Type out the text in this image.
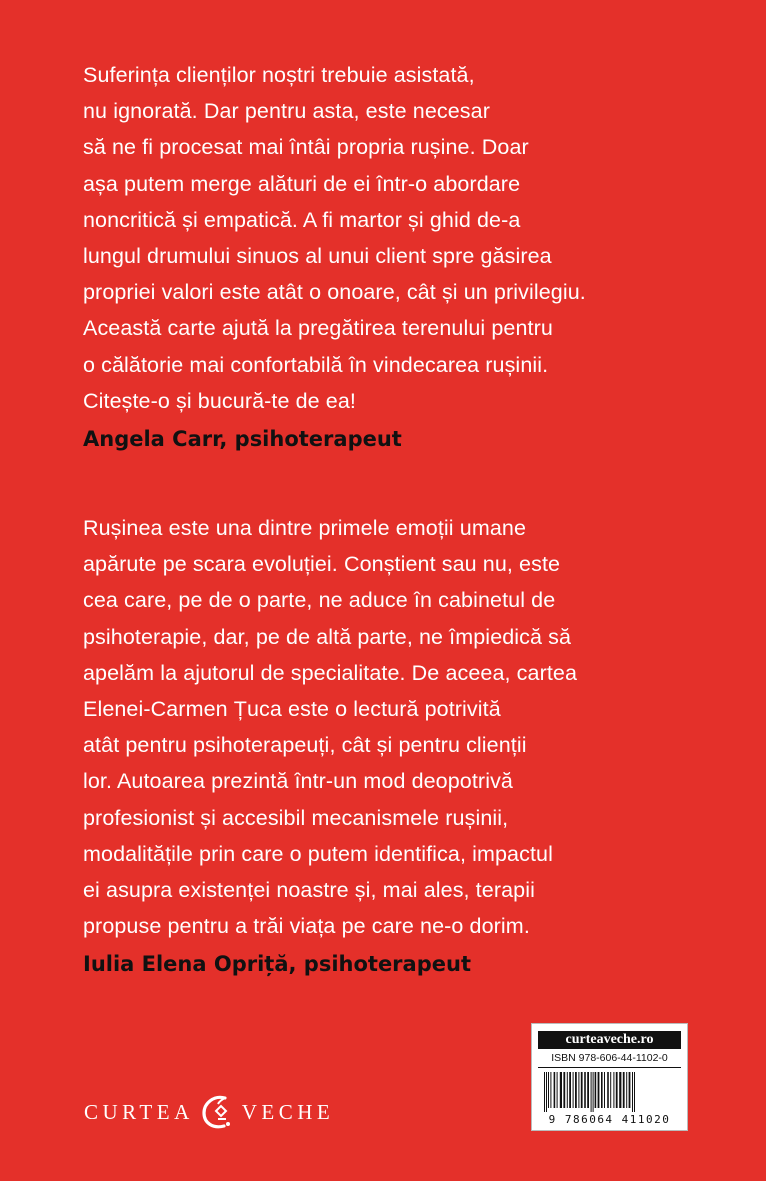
Suferința clienților noștri trebuie asistată,
nu ignorată. Dar pentru asta, este necesar
să ne fi procesat mai întâi propria rușine. Doar
așa putem merge alături de ei într-o abordare
noncritică și empatică. A fi martor și ghid de-a
lungul drumului sinuos al unui client spre găsirea
propriei valori este atât o onoare, cât și un privilegiu.
Această carte ajută la pregătirea terenului pentru
o călătorie mai confortabilă în vindecarea rușinii.
Citește-o și bucură-te de ea!
Angela Carr, psihoterapeut
Rușinea este una dintre primele emoții umane
apărute pe scara evoluției. Conștient sau nu, este
cea care, pe de o parte, ne aduce în cabinetul de
psihoterapie, dar, pe de altă parte, ne împiedică să
apelăm la ajutorul de specialitate. De aceea, cartea
Elenei-Carmen Țuca este o lectură potrivită
atât pentru psihoterapeuți, cât și pentru clienții
lor. Autoarea prezintă într-un mod deopotrivă
profesionist și accesibil mecanismele rușinii,
modalitățile prin care o putem identifica, impactul
ei asupra existenței noastre și, mai ales, terapii
propuse pentru a trăi viața pe care ne-o dorim.
Iulia Elena Opriță, psihoterapeut
CURTEA VECHE
curteaveche.ro
ISBN 978-606-44-1102-0
9 786064 411020
